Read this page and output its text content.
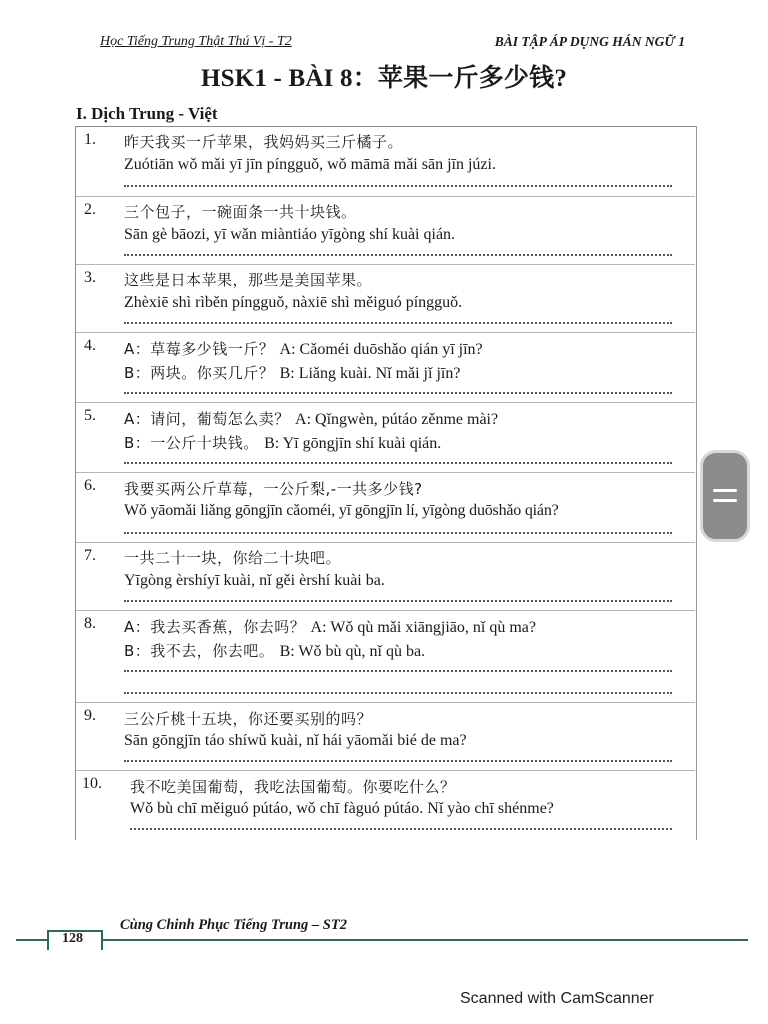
Học Tiếng Trung Thật Thú Vị - T2	BÀI TẬP ÁP DỤNG HÁN NGỮ 1
HSK1 - BÀI 8：苹果一斤多少钱?
I. Dịch Trung - Việt
1. 昨天我买一斤苹果，我妈妈买三斤橘子。
Zuótiān wǒ mǎi yī jīn píngguǒ, wǒ māmā mǎi sān jīn júzi.
2. 三个包子，一碗面条一共十块钱。
Sān gè bāozi, yī wǎn miàntiáo yīgòng shí kuài qián.
3. 这些是日本苹果，那些是美国苹果。
Zhèxiē shì rìběn píngguǒ, nàxiē shì měiguó píngguǒ.
4. A：草莓多少钱一斤？ A: Cǎoméi duōshǎo qián yī jīn?
B：两块。你买几斤？ B: Liǎng kuài. Nǐ mǎi jǐ jīn?
5. A：请问，葡萄怎么卖？ A: Qǐngwèn, pútáo zěnme mài?
B：一公斤十块钱。 B: Yī gōngjīn shí kuài qián.
6. 我要买两公斤草莓，一公斤梨,-一共多少钱?
Wǒ yāomǎi liǎng gōngjīn cǎoméi, yī gōngjīn lí, yīgòng duōshǎo qián?
7. 一共二十一块，你给二十块吧。
Yīgòng èrshíyī kuài, nǐ gěi èrshí kuài ba.
8. A：我去买香蕉，你去吗？ A: Wǒ qù mǎi xiāngjiāo, nǐ qù ma?
B：我不去，你去吧。 B: Wǒ bù qù, nǐ qù ba.
9. 三公斤桃十五块，你还要买别的吗？
Sān gōngjīn táo shíwǔ kuài, nǐ hái yāomǎi bié de ma?
10. 我不吃美国葡萄，我吃法国葡萄。你要吃什么？
Wǒ bù chī měiguó pútáo, wǒ chī fàguó pútáo. Nǐ yào chī shénme?
128
Cùng Chinh Phục Tiếng Trung – ST2
Scanned with CamScanner
